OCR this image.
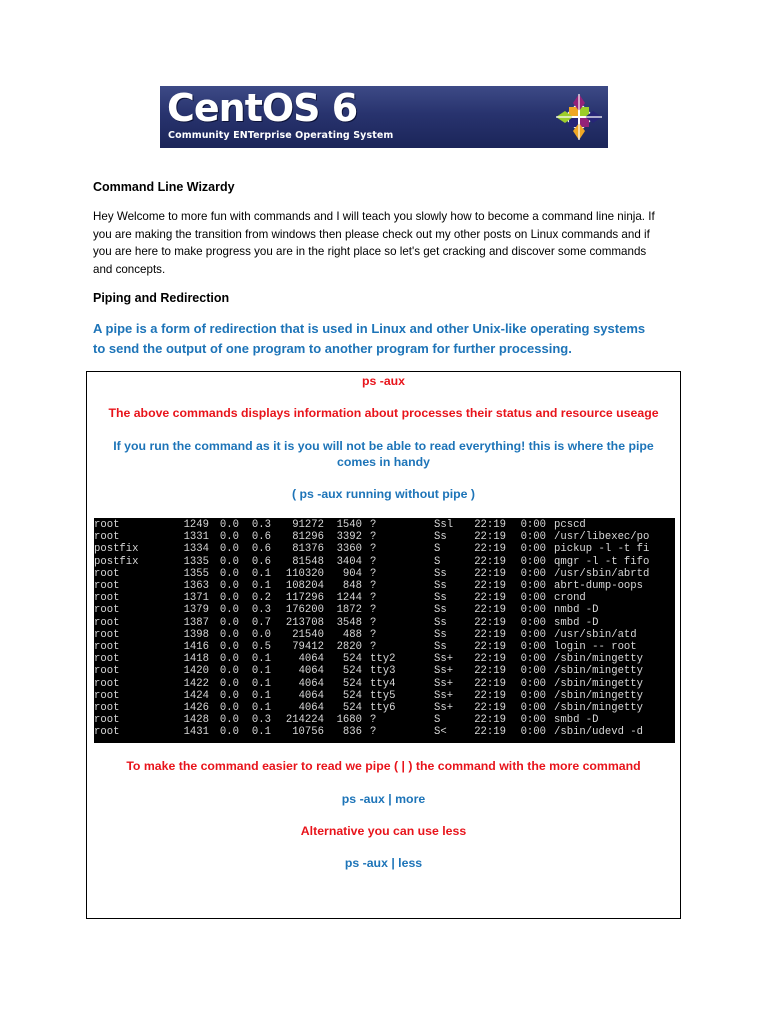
CentOS 6
Community ENTerprise Operating System
Command Line Wizardy

Hey Welcome to more fun with commands and I will teach you slowly how to become a command line ninja. If you are making the transition from windows then please check out my other posts on Linux commands and if you are here to make progress you are in the right place so let's get cracking and discover some commands and concepts.

Piping and Redirection

A pipe is a form of redirection that is used in Linux and other Unix-like operating systems to send the output of one program to another program for further processing.

ps -aux

The above commands displays information about processes their status and resource useage

If you run the command as it is you will not be able to read everything! this is where the pipe comes in handy

( ps -aux running without pipe )

root	1249 0.0 0.3 91272 1540 ?	Ssl 22:19 0:00 pcscd
root	1331 0.0 0.6 81296 3392 ?	Ss	22:19 0:00 /usr/libexec/po
postfix	1334 0.0 0.6 81376 3360 ?	S	22:19 0:00 pickup -l -t fi
postfix	1335 0.0 0.6 81548 3404 ?	S	22:19 0:00 qmgr -l -t fifo
root	1355 0.0 0.1 110320 904 ?	Ss	22:19 0:00 /usr/sbin/abrtd
root	1363 0.0 0.1 108204 848 ?	Ss	22:19 0:00 abrt-dump-oops
root	1371 0.0 0.2 117296 1244 ?	Ss	22:19 0:00 crond
root	1379 0.0 0.3 176200 1872 ?	Ss	22:19 0:00 nmbd -D
root	1387 0.0 0.7 213708 3548 ?	Ss	22:19 0:00 smbd -D
root	1398 0.0 0.0 21540 488 ?	Ss	22:19 0:00 /usr/sbin/atd
root	1416 0.0 0.5 79412 2820 ?	Ss	22:19 0:00 login -- root
root	1418 0.0 0.1	4064 524 tty2	Ss+ 22:19 0:00 /sbin/mingetty
root	1420 0.0 0.1	4064 524 tty3	Ss+ 22:19 0:00 /sbin/mingetty
root	1422 0.0 0.1	4064 524 tty4	Ss+ 22:19 0:00 /sbin/mingetty
root	1424 0.0 0.1	4064 524 tty5	Ss+ 22:19 0:00 /sbin/mingetty
root	1426 0.0 0.1	4064 524 tty6	Ss+ 22:19 0:00 /sbin/mingetty
root	1428 0.0 0.3 214224 1680 ?	S	22:19 0:00 smbd -D
root	1431 0.0 0.1 10756 836 ?	S<	22:19 0:00 /sbin/udevd -d

To make the command easier to read we pipe ( | ) the command with the more command

ps -aux | more

Alternative you can use less

ps -aux | less
